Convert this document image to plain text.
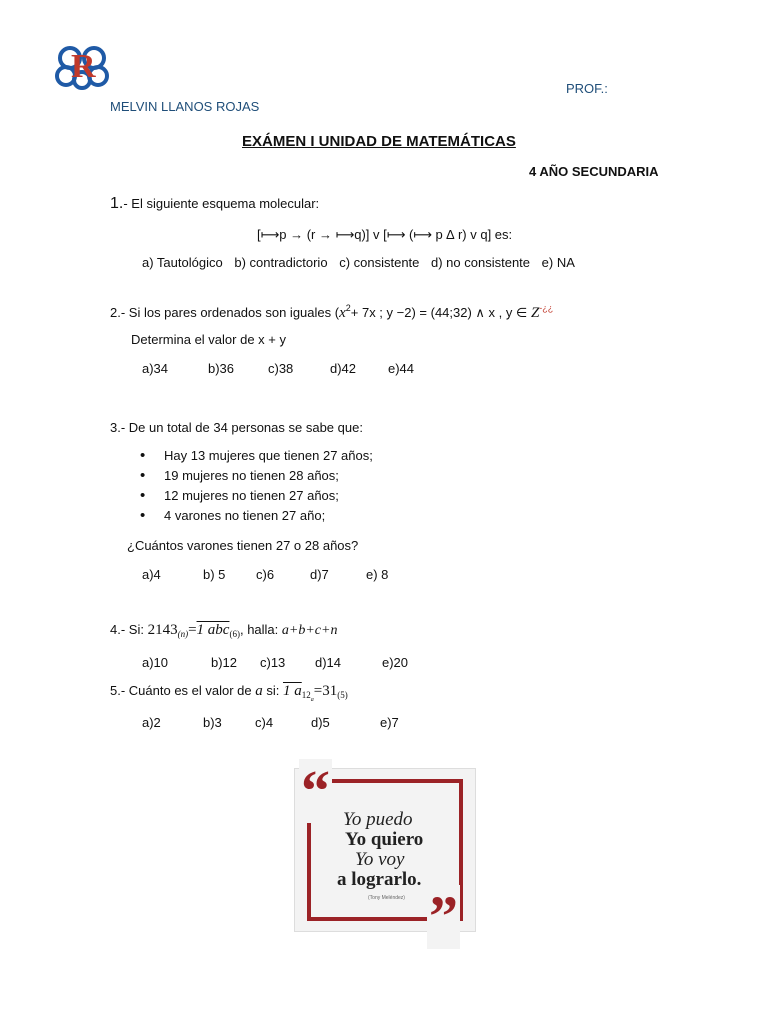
R
PROF.:
MELVIN LLANOS ROJAS
EXÁMEN I UNIDAD DE MATEMÁTICAS
4 AÑO SECUNDARIA
1.- El siguiente esquema molecular:
[⟼p → (r → ⟼q)] v [⟼ (⟼ p ∆ r) v q] es:
a) Tautológico b) contradictorio c) consistente d) no consistente e) NA
2.- Si los pares ordenados son iguales ($x^2+ 7x$ ; y −2) = (44;32) ∧ x , y ∈ Z-¿¿
Determina el valor de x + y
a)34	b)36	c)38	d)42 e)44
3.- De un total de 34 personas se sabe que:
• Hay 13 mujeres que tienen 27 años;
• 19 mujeres no tienen 28 años;
• 12 mujeres no tienen 27 años;
• 4 varones no tienen 27 año;
¿Cuántos varones tienen 27 o 28 años?
a)4	b) 5 c)6	d)7	e) 8
4.- Si: $2143_{(n)}=1$ abc$_{(6)}$, halla: a+b+c+n
a)10	b)12 c)13 d)14	e)20
5.- Cuánto es el valor de a si: 1 $a_{12a}=31_{(5)}$
a)2	b)3	c)4	d)5	e)7
“
”
Yo puedo
Yo quiero
Yo voy
a lograrlo.
(Tony Meléndez)
